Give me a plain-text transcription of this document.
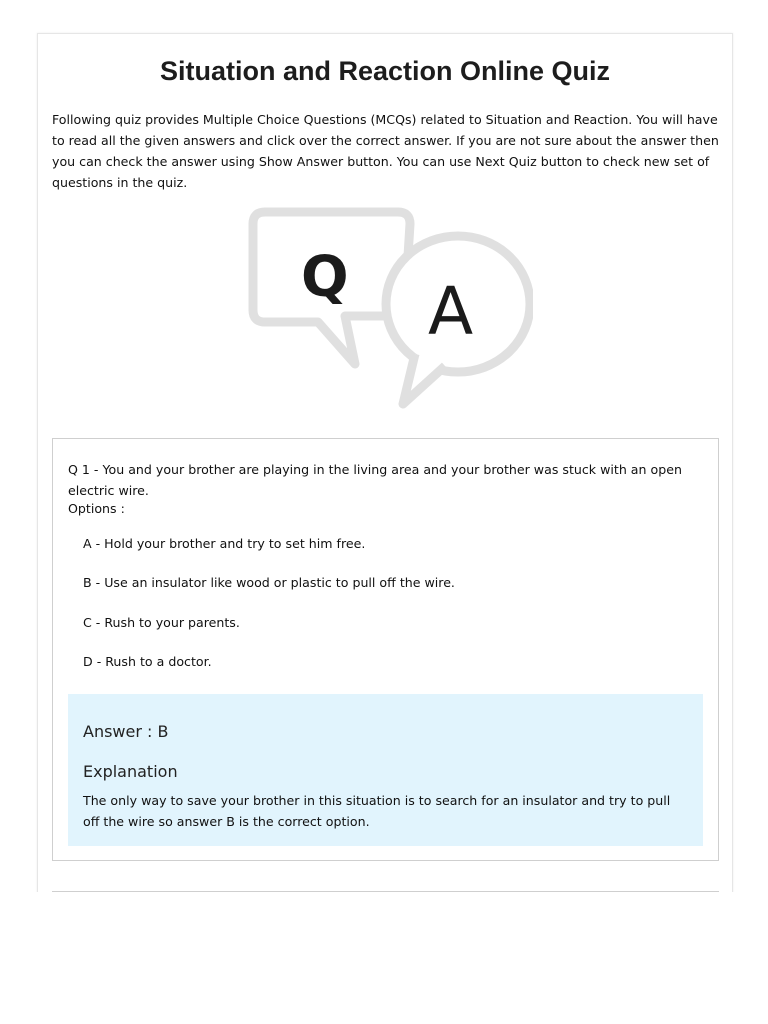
Situation and Reaction Online Quiz

Following quiz provides Multiple Choice Questions (MCQs) related to Situation and Reaction. You will have to read all the given answers and click over the correct answer. If you are not sure about the answer then you can check the answer using Show Answer button. You can use Next Quiz button to check new set of questions in the quiz.

Q A

Q 1 - You and your brother are playing in the living area and your brother was stuck with an open electric wire.

Options :
A - Hold your brother and try to set him free.
B - Use an insulator like wood or plastic to pull off the wire.
C - Rush to your parents.
D - Rush to a doctor.
Answer : B
Explanation

The only way to save your brother in this situation is to search for an insulator and try to pull off the wire so answer B is the correct option.
